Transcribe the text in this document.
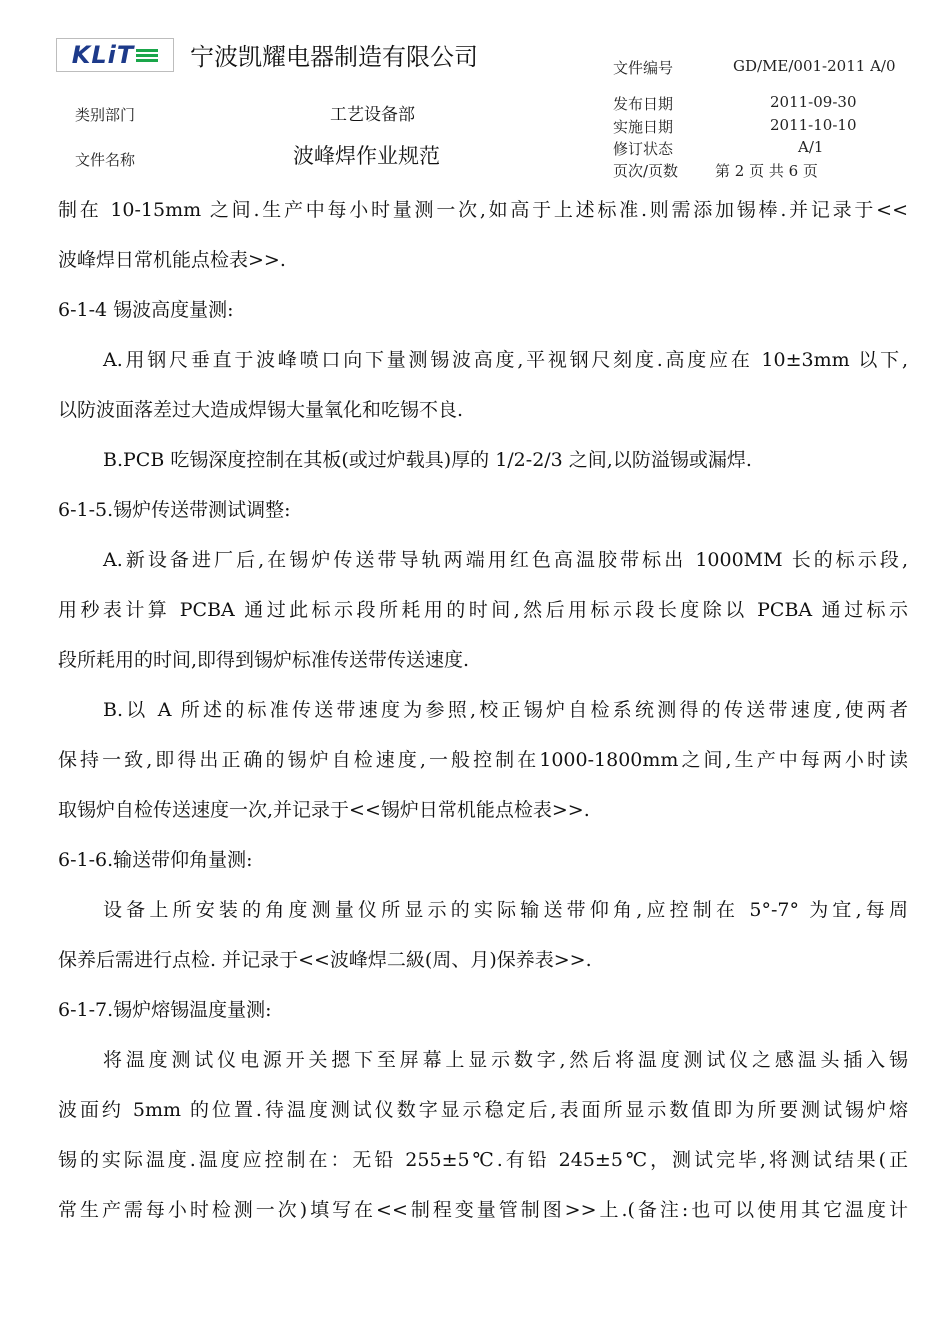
KLiT 宁波凯耀电器制造有限公司
类别部门	工艺设备部
文件名称	波峰焊作业规范
文件编号	GD/ME/001-2011 A/0
发布日期	2011-09-30
实施日期	2011-10-10
修订状态	A/1
页次/页数 第 2 页 共 6 页
制在 10-15mm 之间.生产中每小时量测一次,如高于上述标准.则需添加锡棒.并记录于<<
波峰焊日常机能点检表>>.
6-1-4 锡波高度量测:
A.用钢尺垂直于波峰喷口向下量测锡波高度,平视钢尺刻度.高度应在 10±3mm 以下,
以防波面落差过大造成焊锡大量氧化和吃锡不良.
B.PCB 吃锡深度控制在其板(或过炉载具)厚的 1/2-2/3 之间,以防溢锡或漏焊.
6-1-5.锡炉传送带测试调整:
A.新设备进厂后,在锡炉传送带导轨两端用红色高温胶带标出 1000MM 长的标示段,
用秒表计算 PCBA 通过此标示段所耗用的时间,然后用标示段长度除以 PCBA 通过标示
段所耗用的时间,即得到锡炉标准传送带传送速度.
B.以 A 所述的标准传送带速度为参照,校正锡炉自检系统测得的传送带速度,使两者
保持一致,即得出正确的锡炉自检速度,一般控制在1000-1800mm之间,生产中每两小时读
取锡炉自检传送速度一次,并记录于<<锡炉日常机能点检表>>.
6-1-6.输送带仰角量测:
设备上所安装的角度测量仪所显示的实际输送带仰角,应控制在 5°-7° 为宜,每周
保养后需进行点检. 并记录于<<波峰焊二級(周、月)保养表>>.
6-1-7.锡炉熔锡温度量测:
将温度测试仪电源开关摁下至屏幕上显示数字,然后将温度测试仪之感温头插入锡
波面约 5mm 的位置.待温度测试仪数字显示稳定后,表面所显示数值即为所要测试锡炉熔
锡的实际温度.温度应控制在：无铅 255±5℃.有铅 245±5℃，测试完毕,将测试结果(正
常生产需每小时检测一次)填写在<<制程变量管制图>>上.(备注:也可以使用其它温度计
